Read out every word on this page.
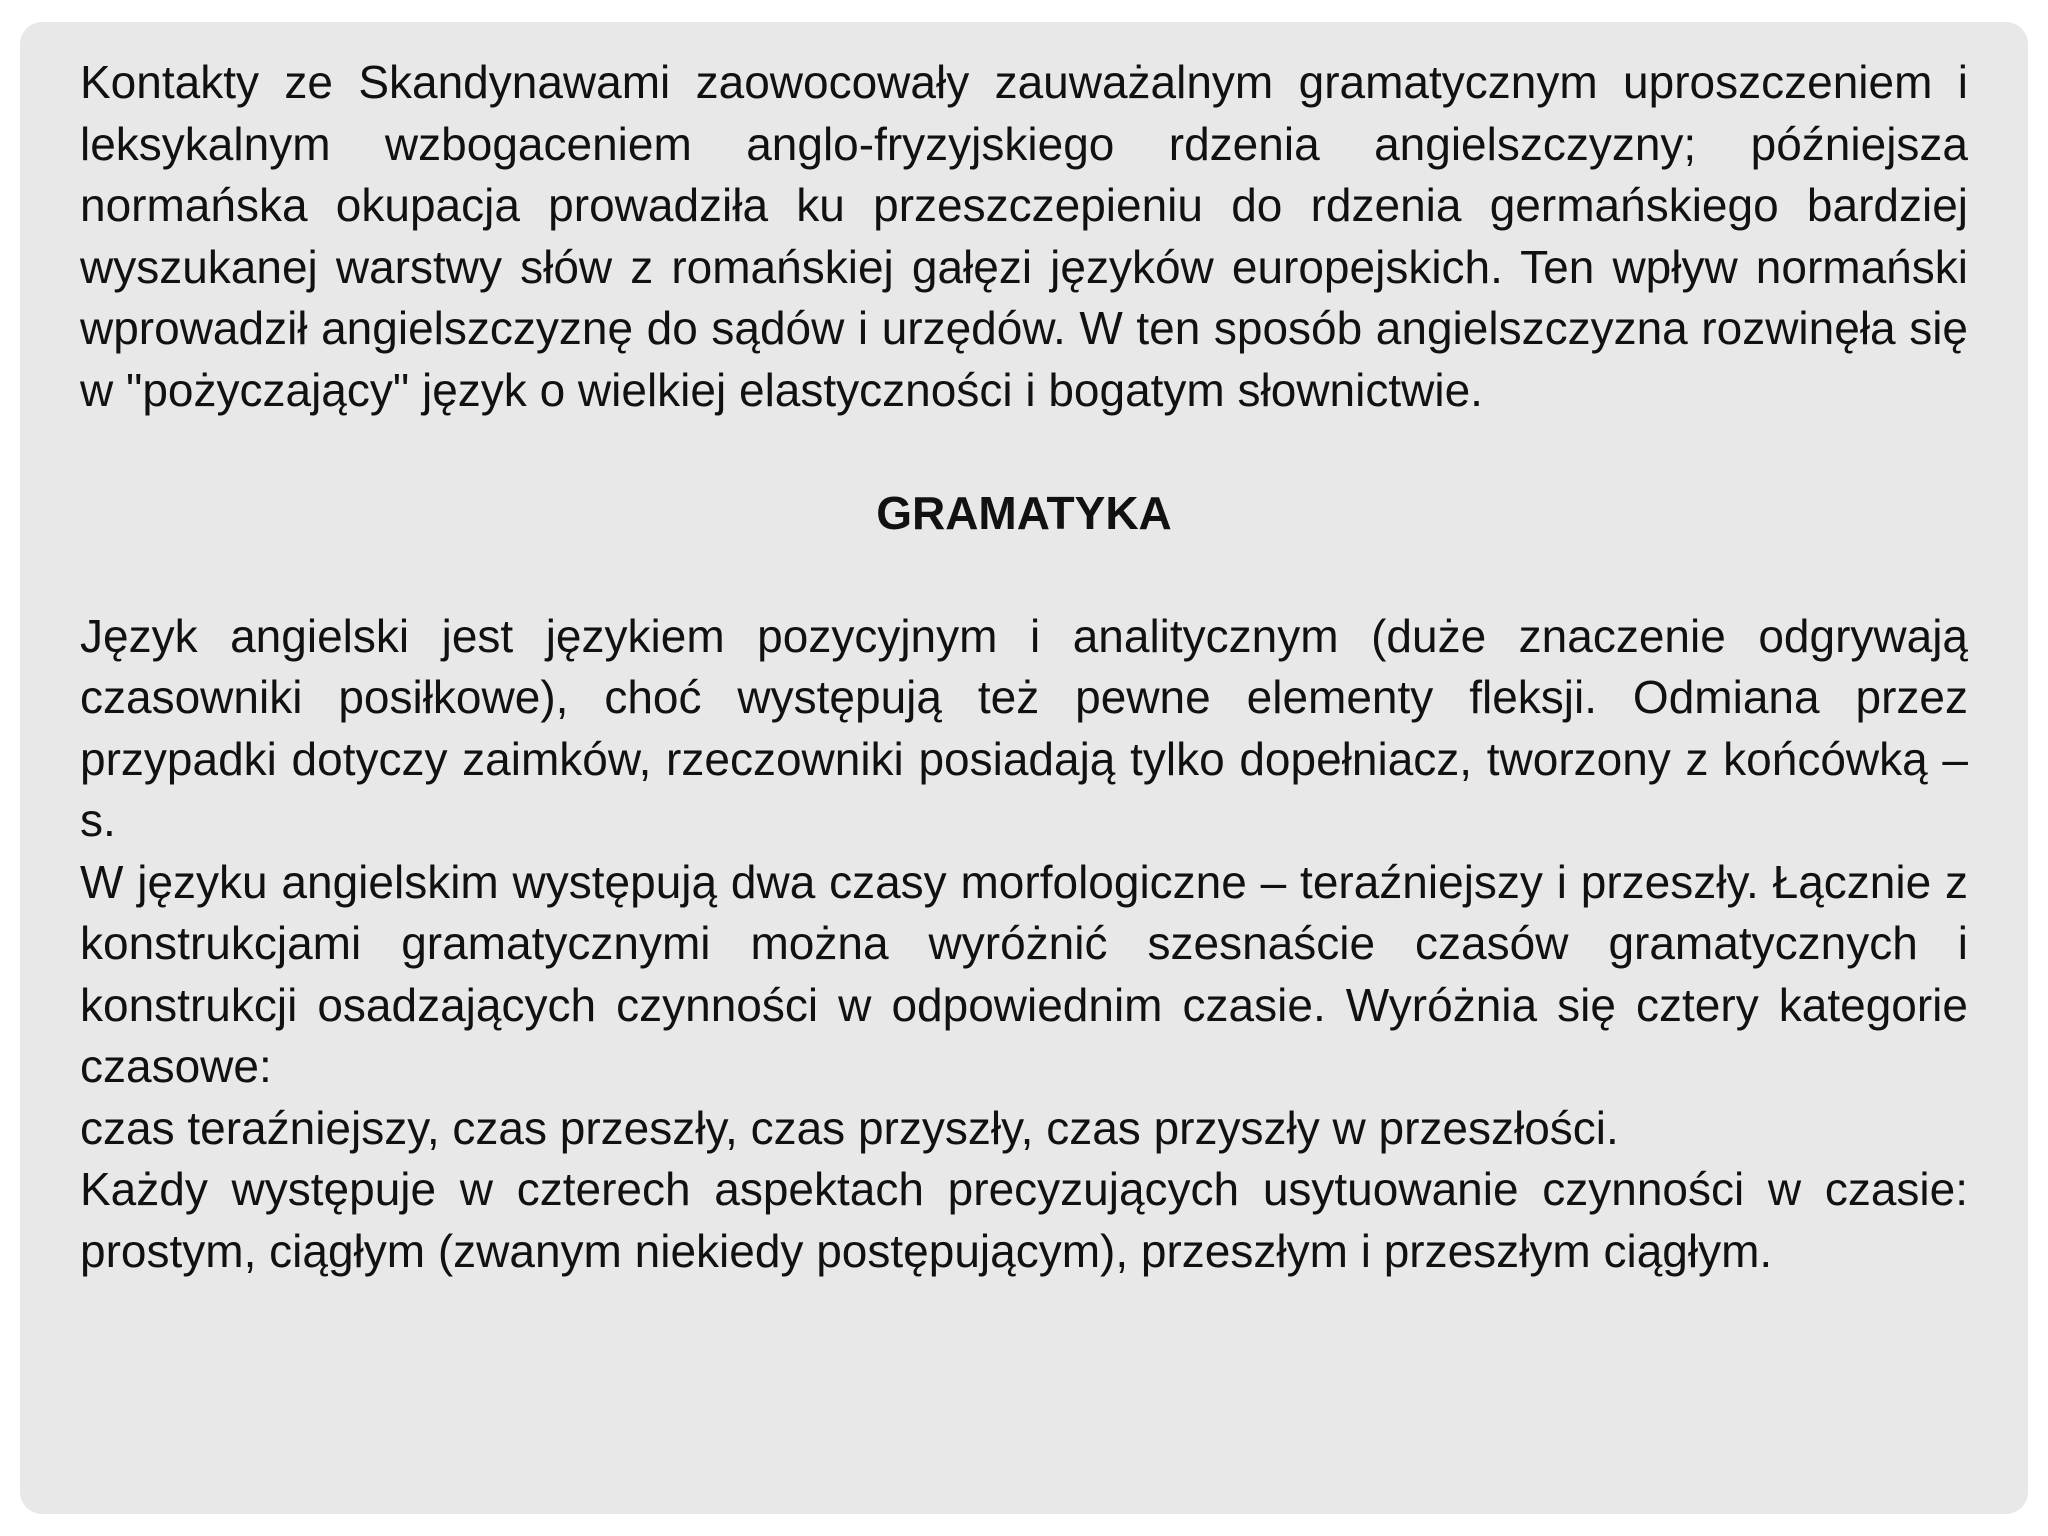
Kontakty ze Skandynawami zaowocowały zauważalnym gramatycznym uproszczeniem i leksykalnym wzbogaceniem anglo-fryzyjskiego rdzenia angielszczyzny; późniejsza normańska okupacja prowadziła ku przeszczepieniu do rdzenia germańskiego bardziej wyszukanej warstwy słów z romańskiej gałęzi języków europejskich. Ten wpływ normański wprowadził angielszczyznę do sądów i urzędów. W ten sposób angielszczyzna rozwinęła się w "pożyczający" język o wielkiej elastyczności i bogatym słownictwie.

GRAMATYKA

Język angielski jest językiem pozycyjnym i analitycznym (duże znaczenie odgrywają czasowniki posiłkowe), choć występują też pewne elementy fleksji. Odmiana przez przypadki dotyczy zaimków, rzeczowniki posiadają tylko dopełniacz, tworzony z końcówką –s.

W języku angielskim występują dwa czasy morfologiczne – teraźniejszy i przeszły. Łącznie z konstrukcjami gramatycznymi można wyróżnić szesnaście czasów gramatycznych i konstrukcji osadzających czynności w odpowiednim czasie. Wyróżnia się cztery kategorie czasowe:

czas teraźniejszy, czas przeszły, czas przyszły, czas przyszły w przeszłości.

Każdy występuje w czterech aspektach precyzujących usytuowanie czynności w czasie: prostym, ciągłym (zwanym niekiedy postępującym), przeszłym i przeszłym ciągłym.
